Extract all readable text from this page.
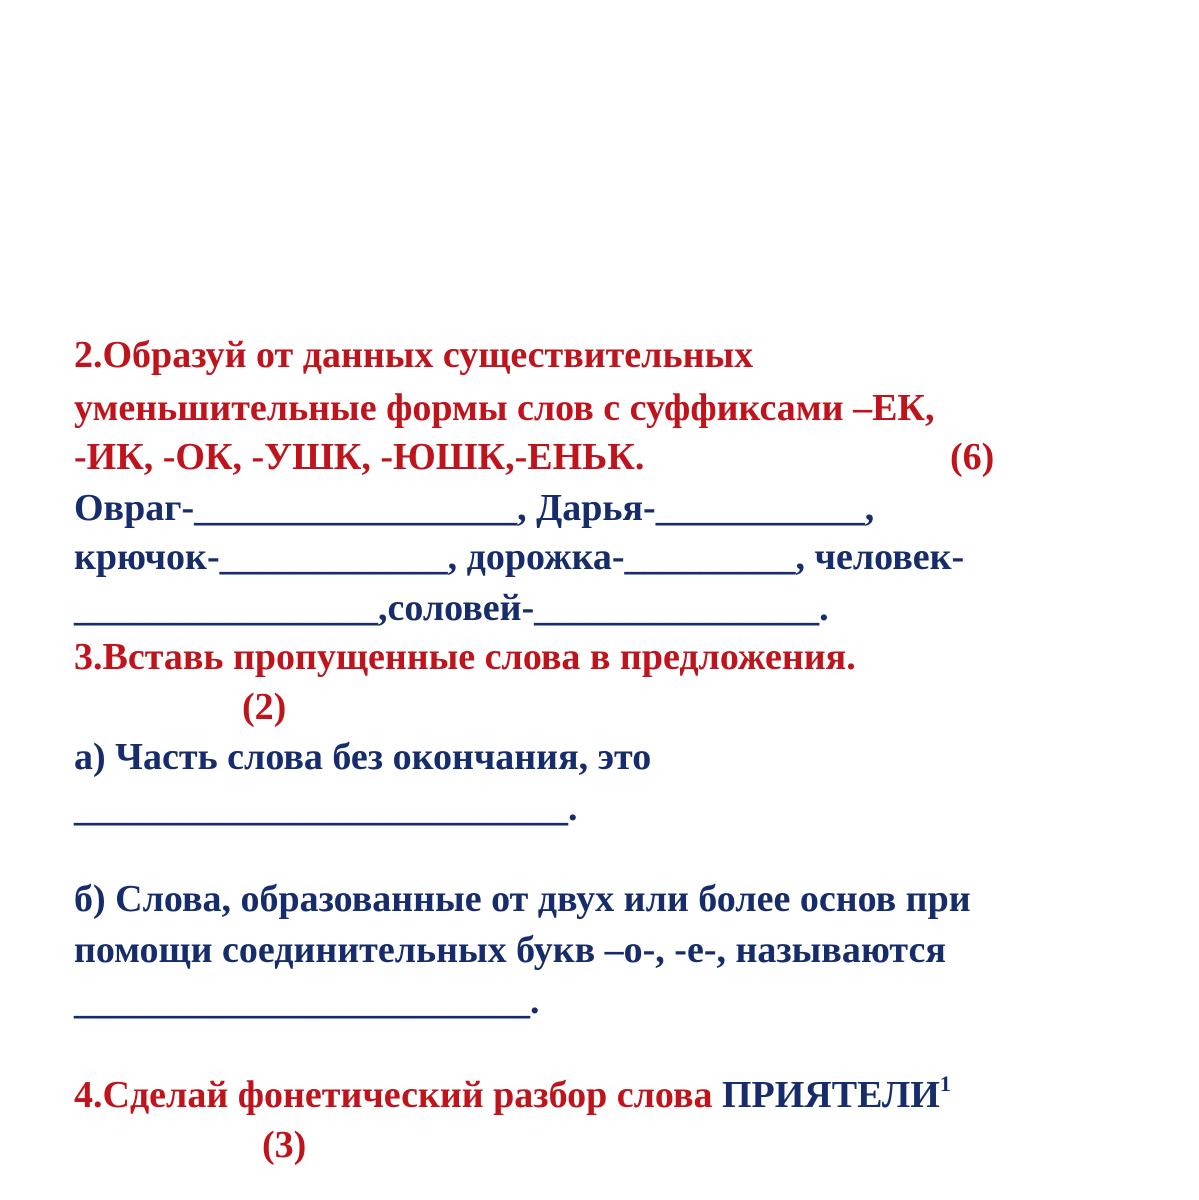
2.Образуй от данных существительных
уменьшительные формы слов с суффиксами –ЕК,
-ИК, -ОК, -УШК, -ЮШК,-ЕНЬК.	(6)
Овраг-_________________, Дарья-___________,
крючок-____________, дорожка-_________, человек-
________________,соловей-_______________.
3.Вставь пропущенные слова в предложения.
(2)
а) Часть слова без окончания, это
__________________________.
б) Слова, образованные от двух или более основ при
помощи соединительных букв –о-, -е-, называются
________________________.
4.Сделай фонетический разбор слова ПРИЯТЕЛИ$^1$
(3)
